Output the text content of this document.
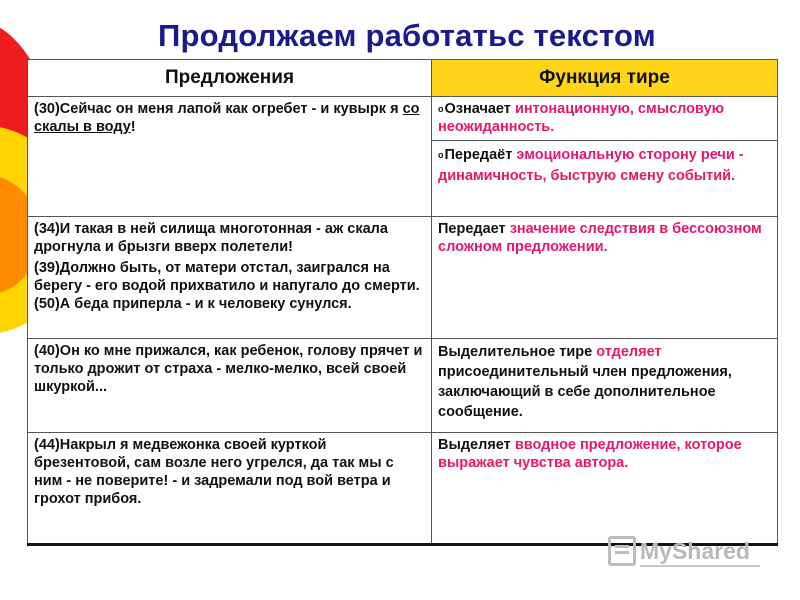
Продолжаем работатьс текстом
Предложения	Функция тире
(30)Сейчас он меня лапой как огребет - и кувырк я со скалы в воду!	$^o$Означает интонационную, смысловую неожиданность.
$^o$Передаёт эмоциональную сторону речи - динамичность, быструю смену событий.

(34)И такая в ней силища многотонная - аж скала дрогнула и брызги вверх полетели!
(39)Должно быть, от матери отстал, заигрался на берегу - его водой прихватило и напугало до смерти. (50)А беда приперла - и к человеку сунулся.	Передает значение следствия в бессоюзном сложном предложении.
(40)Он ко мне прижался, как ребенок, голову прячет и только дрожит от страха - мелко-мелко, всей своей шкуркой...	Выделительное тире отделяет присоединительный член предложения, заключающий в себе дополнительное сообщение.
(44)Накрыл я медвежонка своей курткой брезентовой, сам возле него угрелся, да так мы с ним - не поверите! - и задремали под вой ветра и грохот прибоя.	Выделяет вводное предложение, которое выражает чувства автора.
MyShared
